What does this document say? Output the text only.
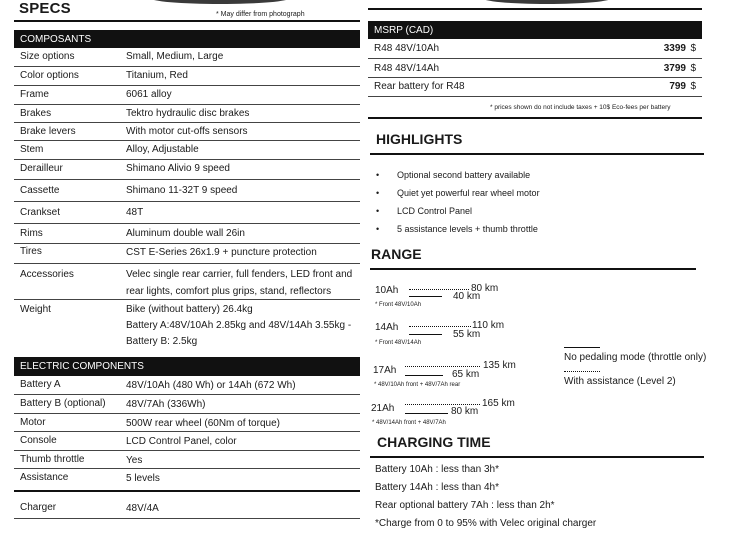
SPECS	* May differ from photograph
COMPOSANTS
Size options	Small, Medium, Large
Color options	Titanium, Red
Frame	6061 alloy
Brakes	Tektro hydraulic disc brakes
Brake levers	With motor cut-offs sensors
Stem	Alloy, Adjustable
Derailleur	Shimano Alivio 9 speed
Cassette	Shimano 11-32T 9 speed
Crankset	48T
Rims	Aluminum double wall 26in
Tires	CST E-Series 26x1.9 + puncture protection
Accessories	Velec single rear carrier, full fenders, LED front and
rear lights, comfort plus grips, stand, reflectors
Weight	Bike (without battery) 26.4kg
Battery A:48V/10Ah 2.85kg and 48V/14Ah 3.55kg -
Battery B: 2.5kg
ELECTRIC COMPONENTS
Battery A	48V/10Ah (480 Wh) or 14Ah (672 Wh)
Battery B (optional) 48V/7Ah (336Wh)
Motor	500W rear wheel (60Nm of torque)
Console	LCD Control Panel, color
Thumb throttle	Yes
Assistance	5 levels
Charger	48V/4A
MSRP (CAD)
R48 48V/10Ah	3399 $
R48 48V/14Ah	3799 $
Rear battery for R48	799 $
* prices shown do not include taxes + 10$ Eco-fees per battery
HIGHLIGHTS
• Optional second battery available
• Quiet yet powerful rear wheel motor
• LCD Control Panel
• 5 assistance levels + thumb throttle
RANGE
10Ah	80 km
40 km
* Front 48V/10Ah
14Ah	110 km
55 km
* Front 48V/14Ah
17Ah	135 km
65 km
* 48V/10Ah front + 48V/7Ah rear
21Ah	165 km
80 km
* 48V/14Ah front + 48V/7Ah
No pedaling mode (throttle only)
With assistance (Level 2)
CHARGING TIME
Battery 10Ah : less than 3h*
Battery 14Ah : less than 4h*
Rear optional battery 7Ah : less than 2h*
*Charge from 0 to 95% with Velec original charger
